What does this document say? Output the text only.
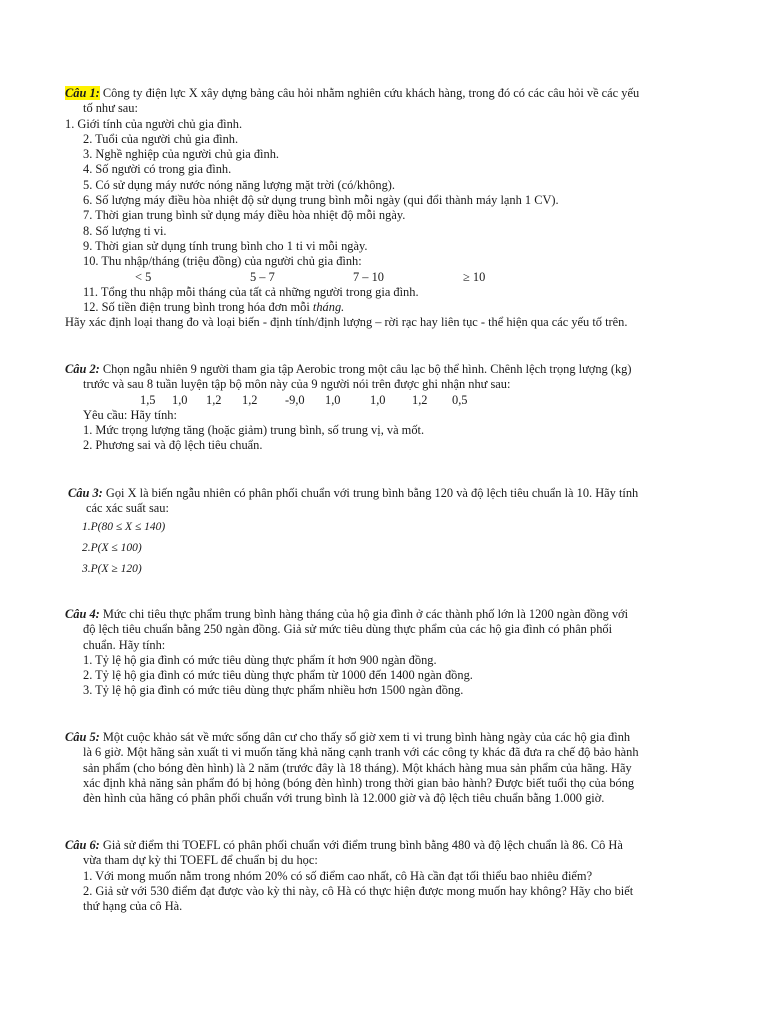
Câu 1: Công ty điện lực X xây dựng bảng câu hỏi nhằm nghiên cứu khách hàng, trong đó có các câu hỏi về các yếu
tố như sau:
1. Giới tính của người chủ gia đình.
2. Tuổi của người chủ gia đình.
3. Nghề nghiệp của người chủ gia đình.
4. Số người có trong gia đình.
5. Có sử dụng máy nước nóng năng lượng mặt trời (có/không).
6. Số lượng máy điều hòa nhiệt độ sử dụng trung bình mỗi ngày (qui đổi thành máy lạnh 1 CV).
7. Thời gian trung bình sử dụng máy điều hòa nhiệt độ mỗi ngày.
8. Số lượng ti vi.
9. Thời gian sử dụng tính trung bình cho 1 ti vi mỗi ngày.
10. Thu nhập/tháng (triệu đồng) của người chủ gia đình:
< 5	5 – 7	7 – 10	≥ 10
11. Tổng thu nhập mỗi tháng của tất cả những người trong gia đình.
12. Số tiền điện trung bình trong hóa đơn mỗi tháng.
Hãy xác định loại thang đo và loại biến - định tính/định lượng – rời rạc hay liên tục - thể hiện qua các yếu tố trên.
Câu 2: Chọn ngẫu nhiên 9 người tham gia tập Aerobic trong một câu lạc bộ thể hình. Chênh lệch trọng lượng (kg)
trước và sau 8 tuần luyện tập bộ môn này của 9 người nói trên được ghi nhận như sau:
1,5	1,0	1,2	1,2	-9,0	1,0	1,0	1,2	0,5
Yêu cầu: Hãy tính:
1. Mức trọng lượng tăng (hoặc giảm) trung bình, số trung vị, và mốt.
2. Phương sai và độ lệch tiêu chuẩn.
Câu 3: Gọi X là biến ngẫu nhiên có phân phối chuẩn với trung bình bằng 120 và độ lệch tiêu chuẩn là 10. Hãy tính
các xác suất sau:
1.P(80 ≤ X ≤ 140)
2.P(X ≤ 100)
3.P(X ≥ 120)
Câu 4: Mức chi tiêu thực phẩm trung bình hàng tháng của hộ gia đình ở các thành phố lớn là 1200 ngàn đồng với
độ lệch tiêu chuẩn bằng 250 ngàn đồng. Giả sử mức tiêu dùng thực phẩm của các hộ gia đình có phân phối
chuẩn. Hãy tính:
1. Tỷ lệ hộ gia đình có mức tiêu dùng thực phẩm ít hơn 900 ngàn đồng.
2. Tỷ lệ hộ gia đình có mức tiêu dùng thực phẩm từ 1000 đến 1400 ngàn đồng.
3. Tỷ lệ hộ gia đình có mức tiêu dùng thực phẩm nhiều hơn 1500 ngàn đồng.
Câu 5: Một cuộc khảo sát về mức sống dân cư cho thấy số giờ xem ti vi trung bình hàng ngày của các hộ gia đình
là 6 giờ. Một hãng sản xuất ti vi muốn tăng khả năng cạnh tranh với các công ty khác đã đưa ra chế độ bảo hành
sản phẩm (cho bóng đèn hình) là 2 năm (trước đây là 18 tháng). Một khách hàng mua sản phẩm của hãng. Hãy
xác định khả năng sản phẩm đó bị hỏng (bóng đèn hình) trong thời gian bảo hành? Được biết tuổi thọ của bóng
đèn hình của hãng có phân phối chuẩn với trung bình là 12.000 giờ và độ lệch tiêu chuẩn bằng 1.000 giờ.
Câu 6: Giả sử điểm thi TOEFL có phân phối chuẩn với điểm trung bình bằng 480 và độ lệch chuẩn là 86. Cô Hà
vừa tham dự kỳ thi TOEFL để chuẩn bị du học:
1. Với mong muốn nằm trong nhóm 20% có số điểm cao nhất, cô Hà cần đạt tối thiểu bao nhiêu điểm?
2. Giả sử với 530 điểm đạt được vào kỳ thi này, cô Hà có thực hiện được mong muốn hay không? Hãy cho biết
thứ hạng của cô Hà.
